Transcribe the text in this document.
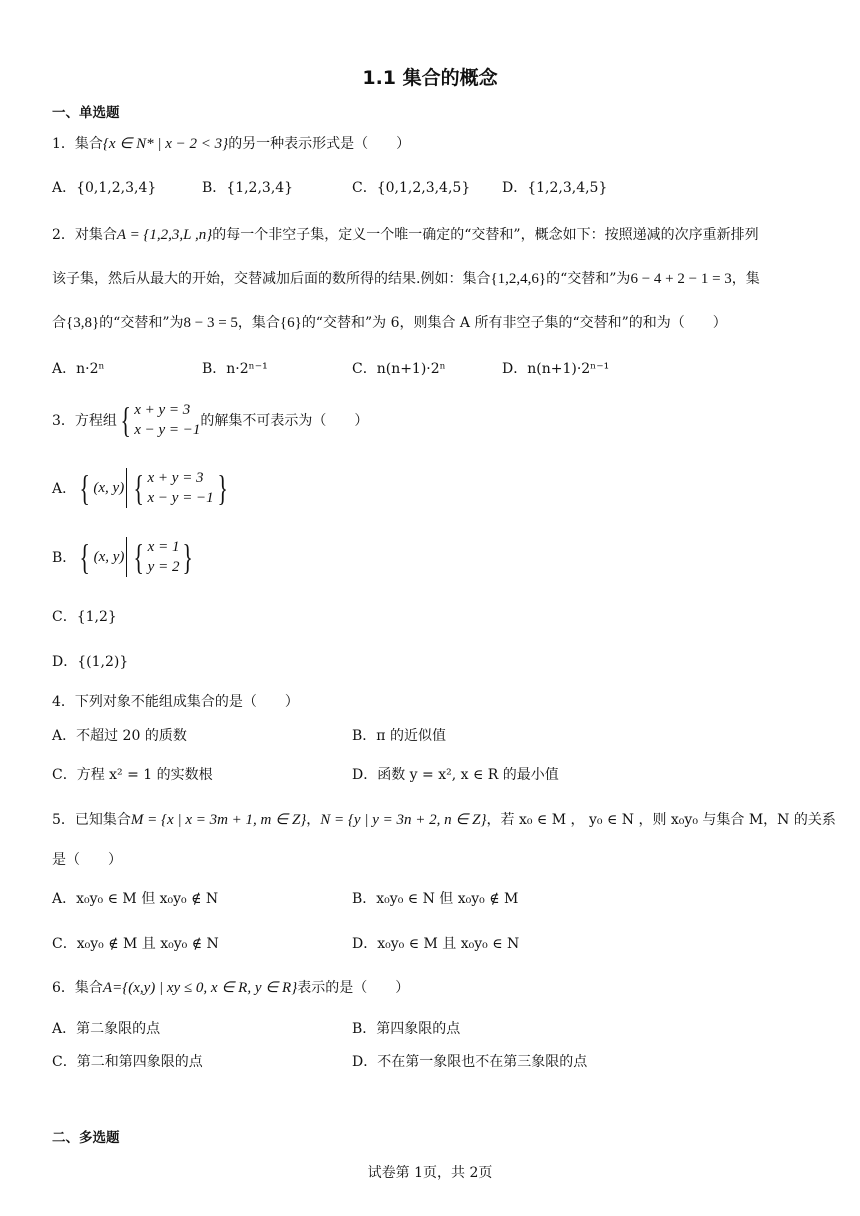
1.1 集合的概念
一、单选题
1．集合{x ∈ N* | x − 2 < 3}的另一种表示形式是（　　）
A．{0,1,2,3,4}	B．{1,2,3,4}	C．{0,1,2,3,4,5} D．{1,2,3,4,5}
2．对集合A = {1,2,3,L ,n}的每一个非空子集，定义一个唯一确定的“交替和”，概念如下：按照递减的次序重新排列
该子集，然后从最大的开始，交替减加后面的数所得的结果.例如：集合{1,2,4,6}的“交替和”为6 − 4 + 2 − 1 = 3，集
合{3,8}的“交替和”为8 − 3 = 5，集合{6}的“交替和”为 6，则集合 A 所有非空子集的“交替和”的和为（　　）
A．n·2ⁿ	B．n·2ⁿ⁻¹	C．n(n+1)·2ⁿ	D．n(n+1)·2ⁿ⁻¹
3．方程组 { x + y = 3
x − y = −1
的解集不可表示为（　　）
A． { (x, y) { x + y = 3
x − y = −1 }
B． { (x, y) { x = 1
y = 2 }
C．{1,2}
D．{(1,2)}
4．下列对象不能组成集合的是（　　）
A．不超过 20 的质数	B．π 的近似值
C．方程 x² = 1 的实数根	D．函数 y = x², x ∈ R 的最小值
5．已知集合M = {x | x = 3m + 1, m ∈ Z}，N = {y | y = 3n + 2, n ∈ Z}，若 x₀ ∈ M ， y₀ ∈ N ，则 x₀y₀ 与集合 M，N 的关系
是（　　）
A．x₀y₀ ∈ M 但 x₀y₀ ∉ N	B．x₀y₀ ∈ N 但 x₀y₀ ∉ M
C．x₀y₀ ∉ M 且 x₀y₀ ∉ N	D．x₀y₀ ∈ M 且 x₀y₀ ∈ N
6．集合A={(x,y) | xy ≤ 0, x ∈ R, y ∈ R}表示的是（　　）
A．第二象限的点	B．第四象限的点
C．第二和第四象限的点	D．不在第一象限也不在第三象限的点
二、多选题
试卷第 1页，共 2页
